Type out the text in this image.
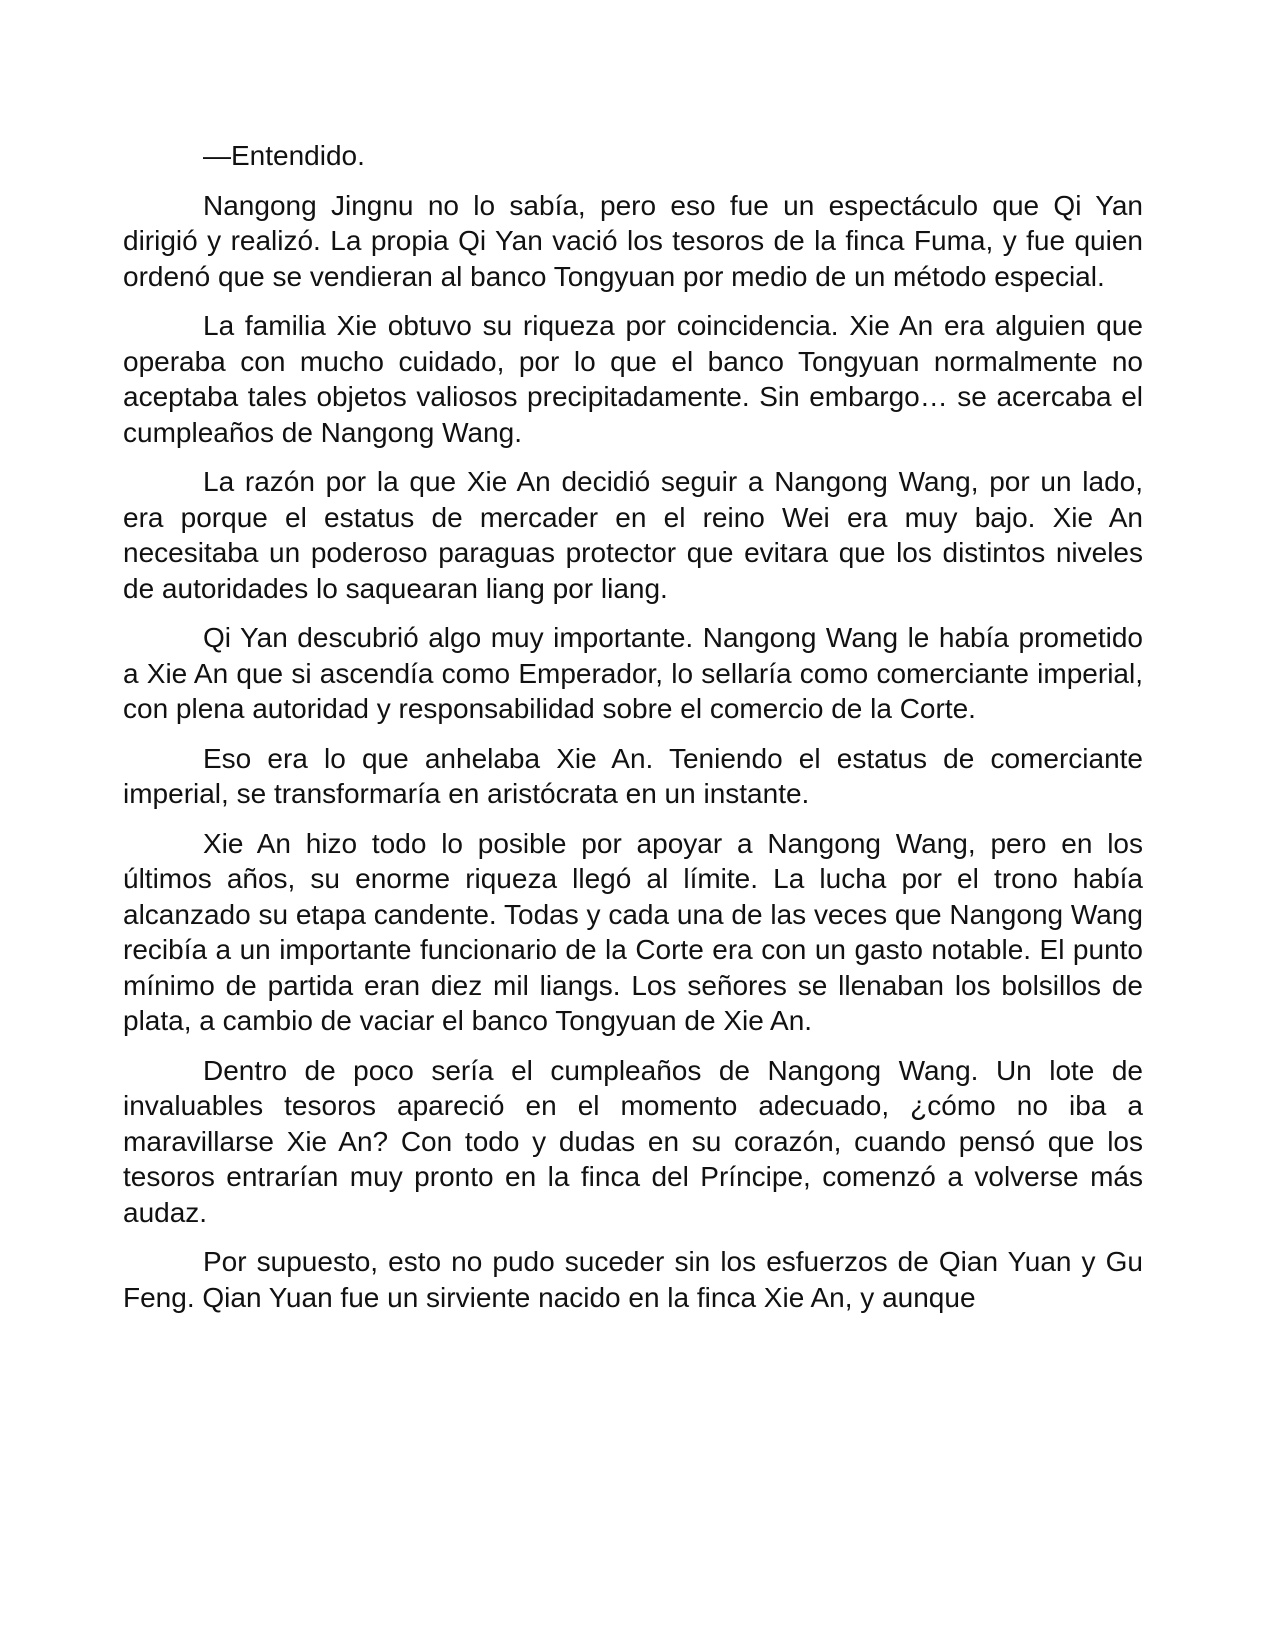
—Entendido.

Nangong Jingnu no lo sabía, pero eso fue un espectáculo que Qi Yan dirigió y realizó. La propia Qi Yan vació los tesoros de la finca Fuma, y fue quien ordenó que se vendieran al banco Tongyuan por medio de un método especial.

La familia Xie obtuvo su riqueza por coincidencia. Xie An era alguien que operaba con mucho cuidado, por lo que el banco Tongyuan normalmente no aceptaba tales objetos valiosos precipitadamente. Sin embargo… se acercaba el cumpleaños de Nangong Wang.

La razón por la que Xie An decidió seguir a Nangong Wang, por un lado, era porque el estatus de mercader en el reino Wei era muy bajo. Xie An necesitaba un poderoso paraguas protector que evitara que los distintos niveles de autoridades lo saquearan liang por liang.

Qi Yan descubrió algo muy importante. Nangong Wang le había prometido a Xie An que si ascendía como Emperador, lo sellaría como comerciante imperial, con plena autoridad y responsabilidad sobre el comercio de la Corte.

Eso era lo que anhelaba Xie An. Teniendo el estatus de comerciante imperial, se transformaría en aristócrata en un instante.

Xie An hizo todo lo posible por apoyar a Nangong Wang, pero en los últimos años, su enorme riqueza llegó al límite. La lucha por el trono había alcanzado su etapa candente. Todas y cada una de las veces que Nangong Wang recibía a un importante funcionario de la Corte era con un gasto notable. El punto mínimo de partida eran diez mil liangs. Los señores se llenaban los bolsillos de plata, a cambio de vaciar el banco Tongyuan de Xie An.

Dentro de poco sería el cumpleaños de Nangong Wang. Un lote de invaluables tesoros apareció en el momento adecuado, ¿cómo no iba a maravillarse Xie An? Con todo y dudas en su corazón, cuando pensó que los tesoros entrarían muy pronto en la finca del Príncipe, comenzó a volverse más audaz.

Por supuesto, esto no pudo suceder sin los esfuerzos de Qian Yuan y Gu Feng. Qian Yuan fue un sirviente nacido en la finca Xie An, y aunque
